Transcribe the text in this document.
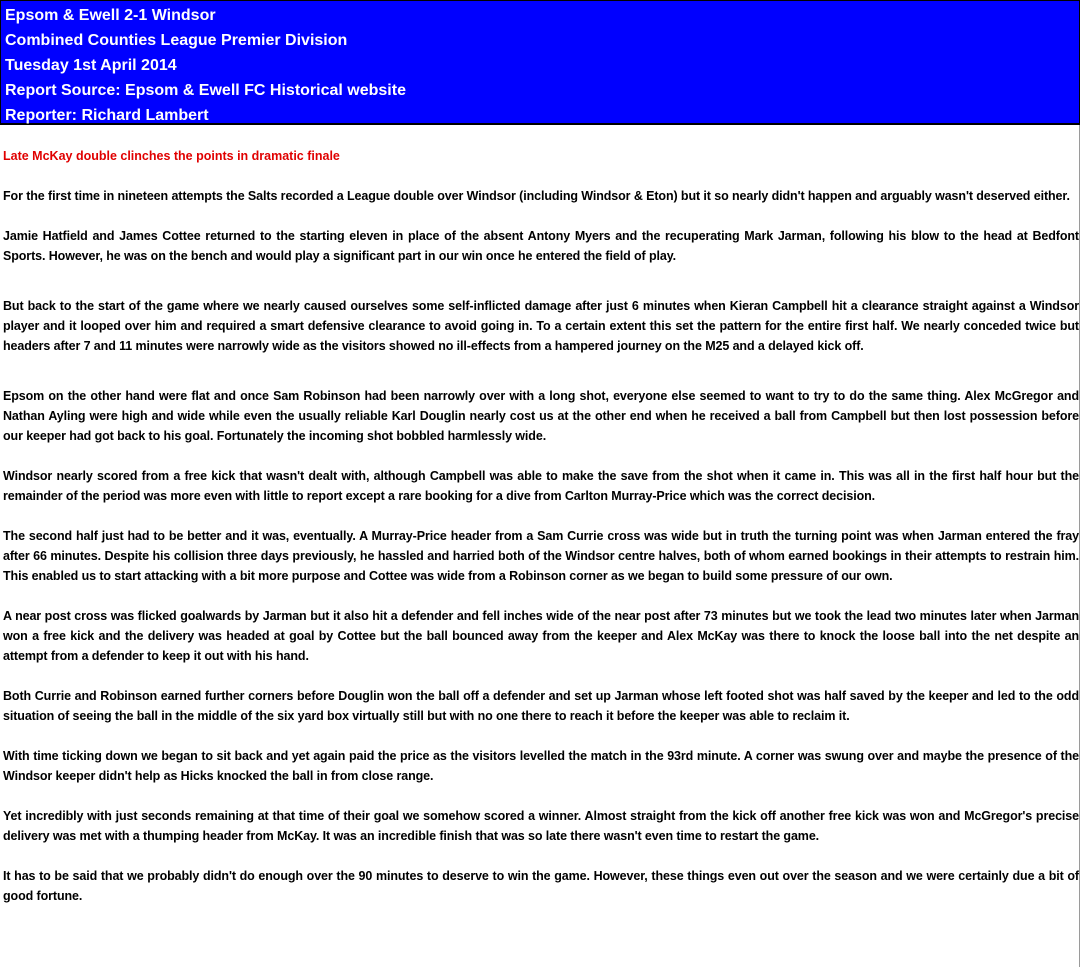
Epsom & Ewell 2-1 Windsor
Combined Counties League Premier Division
Tuesday 1st April 2014
Report Source: Epsom & Ewell FC Historical website
Reporter: Richard Lambert

Late McKay double clinches the points in dramatic finale

For the first time in nineteen attempts the Salts recorded a League double over Windsor (including Windsor & Eton) but it so nearly didn't happen and arguably wasn't deserved either.

Jamie Hatfield and James Cottee returned to the starting eleven in place of the absent Antony Myers and the recuperating Mark Jarman, following his blow to the head at Bedfont Sports. However, he was on the bench and would play a significant part in our win once he entered the field of play.

But back to the start of the game where we nearly caused ourselves some self-inflicted damage after just 6 minutes when Kieran Campbell hit a clearance straight against a Windsor player and it looped over him and required a smart defensive clearance to avoid going in. To a certain extent this set the pattern for the entire first half. We nearly conceded twice but headers after 7 and 11 minutes were narrowly wide as the visitors showed no ill-effects from a hampered journey on the M25 and a delayed kick off.

Epsom on the other hand were flat and once Sam Robinson had been narrowly over with a long shot, everyone else seemed to want to try to do the same thing. Alex McGregor and Nathan Ayling were high and wide while even the usually reliable Karl Douglin nearly cost us at the other end when he received a ball from Campbell but then lost possession before our keeper had got back to his goal. Fortunately the incoming shot bobbled harmlessly wide.

Windsor nearly scored from a free kick that wasn't dealt with, although Campbell was able to make the save from the shot when it came in. This was all in the first half hour but the remainder of the period was more even with little to report except a rare booking for a dive from Carlton Murray-Price which was the correct decision.

The second half just had to be better and it was, eventually. A Murray-Price header from a Sam Currie cross was wide but in truth the turning point was when Jarman entered the fray after 66 minutes. Despite his collision three days previously, he hassled and harried both of the Windsor centre halves, both of whom earned bookings in their attempts to restrain him. This enabled us to start attacking with a bit more purpose and Cottee was wide from a Robinson corner as we began to build some pressure of our own.

A near post cross was flicked goalwards by Jarman but it also hit a defender and fell inches wide of the near post after 73 minutes but we took the lead two minutes later when Jarman won a free kick and the delivery was headed at goal by Cottee but the ball bounced away from the keeper and Alex McKay was there to knock the loose ball into the net despite an attempt from a defender to keep it out with his hand.

Both Currie and Robinson earned further corners before Douglin won the ball off a defender and set up Jarman whose left footed shot was half saved by the keeper and led to the odd situation of seeing the ball in the middle of the six yard box virtually still but with no one there to reach it before the keeper was able to reclaim it.

With time ticking down we began to sit back and yet again paid the price as the visitors levelled the match in the 93rd minute. A corner was swung over and maybe the presence of the Windsor keeper didn't help as Hicks knocked the ball in from close range.

Yet incredibly with just seconds remaining at that time of their goal we somehow scored a winner. Almost straight from the kick off another free kick was won and McGregor's precise delivery was met with a thumping header from McKay. It was an incredible finish that was so late there wasn't even time to restart the game.

It has to be said that we probably didn't do enough over the 90 minutes to deserve to win the game. However, these things even out over the season and we were certainly due a bit of good fortune.
